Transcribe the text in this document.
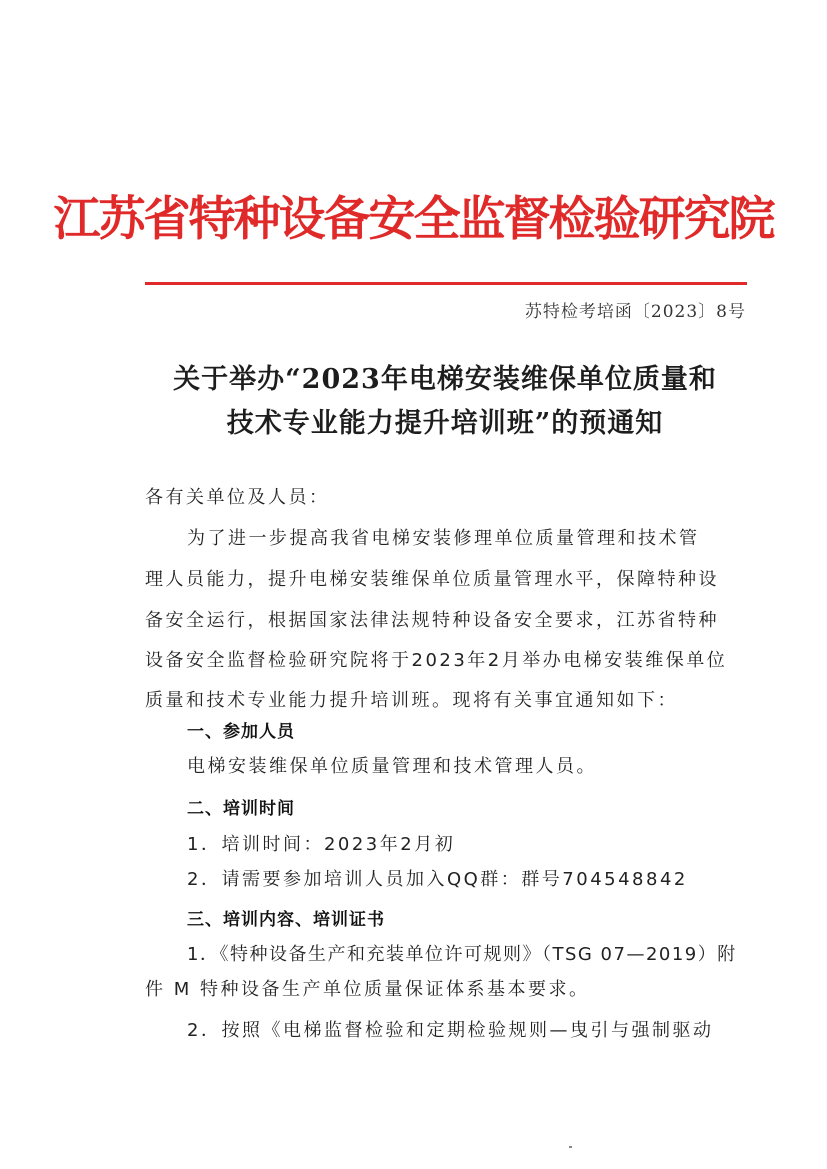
江苏省特种设备安全监督检验研究院
苏特检考培函〔2023〕8号
关于举办“2023年电梯安装维保单位质量和
技术专业能力提升培训班”的预通知
各有关单位及人员：
为了进一步提高我省电梯安装修理单位质量管理和技术管
理人员能力，提升电梯安装维保单位质量管理水平，保障特种设
备安全运行，根据国家法律法规特种设备安全要求，江苏省特种
设备安全监督检验研究院将于2023年2月举办电梯安装维保单位
质量和技术专业能力提升培训班。现将有关事宜通知如下：
一、参加人员
电梯安装维保单位质量管理和技术管理人员。
二、培训时间
1．培训时间：2023年2月初
2．请需要参加培训人员加入QQ群：群号704548842
三、培训内容、培训证书
1．《特种设备生产和充装单位许可规则》（TSG 07—2019）附
件 M 特种设备生产单位质量保证体系基本要求。
2．按照《电梯监督检验和定期检验规则—曳引与强制驱动
